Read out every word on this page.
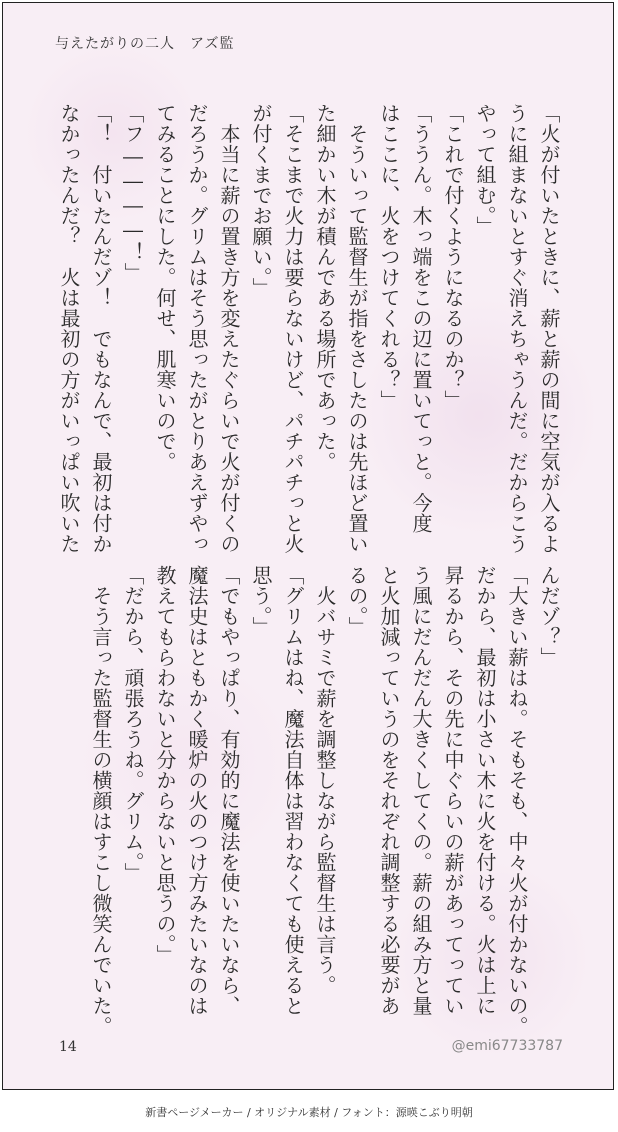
与えたがりの二人　アズ監

「火が付いたときに、薪と薪の間に空気が入るよ

うに組まないとすぐ消えちゃうんだ。だからこう

やって組む。」

「これで付くようになるのか？」

「ううん。木っ端をこの辺に置いてっと。今度

はここに、火をつけてくれる？」

　そういって監督生が指をさしたのは先ほど置い

た細かい木が積んである場所であった。

「そこまで火力は要らないけど、パチパチっと火

が付くまでお願い。」

　本当に薪の置き方を変えたぐらいで火が付くの

だろうか。グリムはそう思ったがとりあえずやっ

てみることにした。何せ、肌寒いので。

「フ――――！」

「！　付いたんだゾ！　でもなんで、最初は付か

なかったんだ？　火は最初の方がいっぱい吹いた

んだゾ？」

「大きい薪はね。そもそも、中々火が付かないの。

だから、最初は小さい木に火を付ける。火は上に

昇るから、その先に中ぐらいの薪があってってい

う風にだんだん大きくしてくの。薪の組み方と量

と火加減っていうのをそれぞれ調整する必要があ

るの。」

　火バサミで薪を調整しながら監督生は言う。

「グリムはね、魔法自体は習わなくても使えると

思う。」

「でもやっぱり、有効的に魔法を使いたいなら、

魔法史はともかく暖炉の火のつけ方みたいなのは

教えてもらわないと分からないと思うの。」

「だから、頑張ろうね。グリム。」

　そう言った監督生の横顔はすこし微笑んでいた。

14	@emi67733787
新書ページメーカー / オリジナル素材 / フォント：源暎こぶり明朝
